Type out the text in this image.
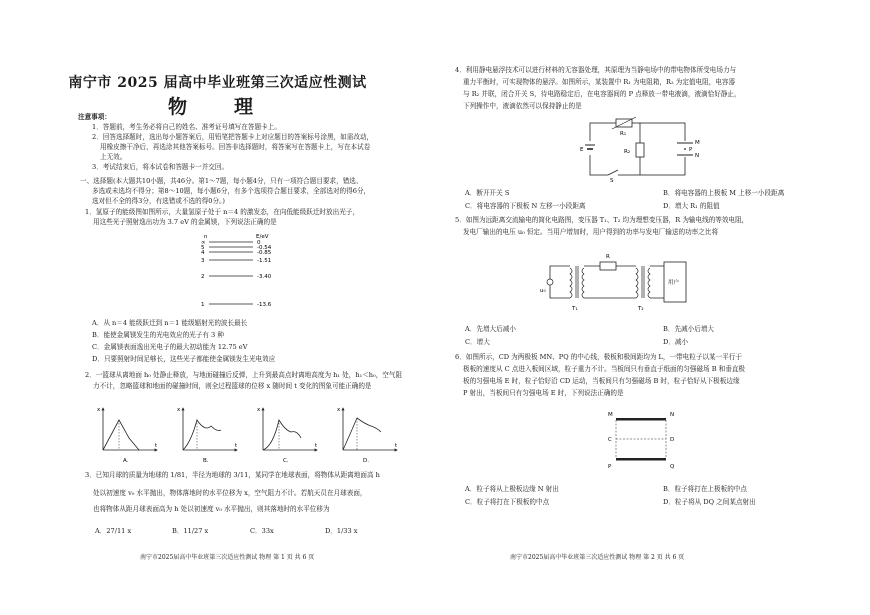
南宁市 2025 届高中毕业班第三次适应性测试
物　理
注意事项：
1．答题前，考生务必将自己的姓名、准考证号填写在答题卡上。
2．回答选择题时，选出每小题答案后，用铅笔把答题卡上对应题目的答案标号涂黑，如需改动，
用橡皮擦干净后，再选涂其他答案标号。回答非选择题时，将答案写在答题卡上，写在本试卷
上无效。
3．考试结束后，将本试卷和答题卡一并交回。
一、选择题(本大题共10小题，共46分。第1～7题，每小题4分，只有一项符合题目要求，错选、
多选或未选均不得分；第8～10题，每小题6分，有多个选项符合题目要求，全部选对的得6分，
选对但不全的得3分，有选错或不选的得0分。)
1．氢原子的能级图如图所示，大量氢原子处于 n＝4 的激发态，在向低能级跃迁时放出光子，
用这些光子照射逸出功为 3.7 eV 的金属镁，下列说法正确的是
n	E/eV
∞
5
4
3
2
1
0
-0.54
-0.85
-1.51
-3.40
-13.6
A．从 n＝4 能级跃迁到 n＝1 能级辐射光的波长最长
B．能使金属镁发生的光电效应的光子有 3 种
C．金属镁表面逸出光电子的最大初动能为 12.75 eV
D．只要照射时间足够长，这些光子都能使金属镁发生光电效应
2．一篮球从离地面 h₀ 处静止释放，与地面碰撞后反弹，上升到最高点时离地高度为 h₁ 处，h₁＜h₀，空气阻
力不计，忽略篮球和地面的碰撞时间，则全过程篮球的位移 x 随时间 t 变化的图象可能正确的是
x
t
A.
x
t
B.
x
t
C.
x
t
D.
3．已知月球的质量为地球的 1/81，半径为地球的 3/11，某同学在地球表面，将物体从距离地面高 h
处以初速度 v₀ 水平抛出，物体落地时的水平位移为 x，空气阻力不计。若航天员在月球表面，
也将物体从距月球表面高为 h 处以初速度 v₀ 水平抛出，则其落地时的水平位移为
A．27/11 x	B．11/27 x	C．33x	D．1/33 x
南宁市2025届高中毕业班第三次适应性测试 物理 第 1 页 共 6 页
4．利用静电悬浮技术可以进行材料的无容器处理，其原理为当静电场中的带电物体所受电场力与
重力平衡时，可实现物体的悬浮。如图所示，某装置中 R₁ 为电阻箱，R₂ 为定值电阻，电容器
与 R₂ 并联，闭合开关 S，待电路稳定后，在电容器间的 P 点释放一带电液滴，液滴恰好静止，
下列操作中，液滴依然可以保持静止的是
R₁
E	R₂
M
P
N
S
A．断开开关 S	B．将电容器的上极板 M 上移一小段距离
C．将电容器的下极板 N 左移一小段距离	D．增大 R₁ 的阻值
5．如图为远距离交流输电的简化电路图，变压器 T₁、T₂ 均为理想变压器，R 为输电线的等效电阻，
发电厂输出的电压 u₀ 恒定。当用户增加时，用户得到的功率与发电厂输送的功率之比将
u₀
T₁
R
T₂
用户
A．先增大后减小	B．先减小后增大
C．增大	D．减小
6．如图所示，CD 为两极板 MN、PQ 的中心线，极板和极间距均为 L，一带电粒子以某一平行于
极板的速度从 C 点进入板间区域，粒子重力不计。当板间只有垂直于纸面的匀强磁场 B 和垂直极
板的匀强电场 E 时，粒子恰好沿 CD 运动，当板间只有匀强磁场 B 时，粒子恰好从下极板边缘
P 射出，当板间只有匀强电场 E 时，下列说法正确的是
M	N
C	D
P	Q
A．粒子将从上极板边缘 N 射出	B．粒子将打在上极板的中点
C．粒子将打在下极板的中点	D．粒子将从 DQ 之间某点射出
南宁市2025届高中毕业班第三次适应性测试 物理 第 2 页 共 6 页
